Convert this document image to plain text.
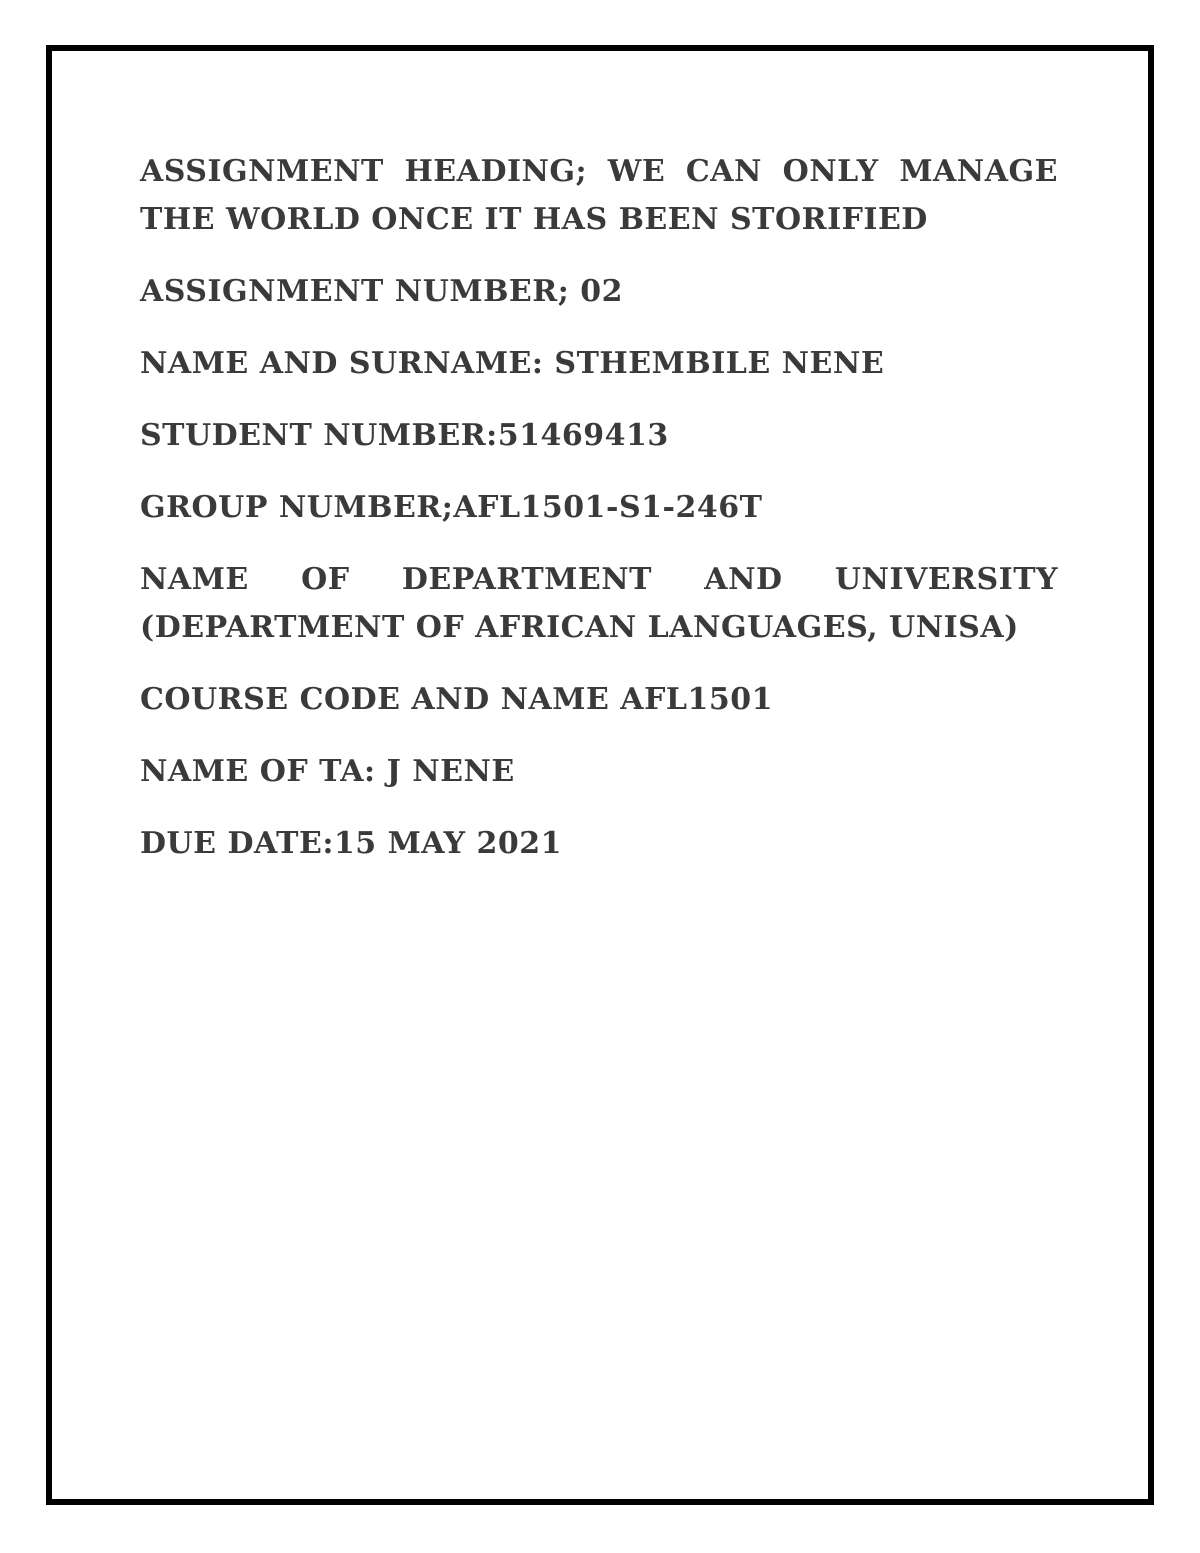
ASSIGNMENT HEADING; WE CAN ONLY MANAGE THE WORLD ONCE IT HAS BEEN STORIFIED

ASSIGNMENT NUMBER; 02

NAME AND SURNAME: STHEMBILE NENE

STUDENT NUMBER:51469413

GROUP NUMBER;AFL1501-S1-246T

NAME OF DEPARTMENT AND UNIVERSITY (DEPARTMENT OF AFRICAN LANGUAGES, UNISA)

COURSE CODE AND NAME AFL1501

NAME OF TA: J NENE

DUE DATE:15 MAY 2021
